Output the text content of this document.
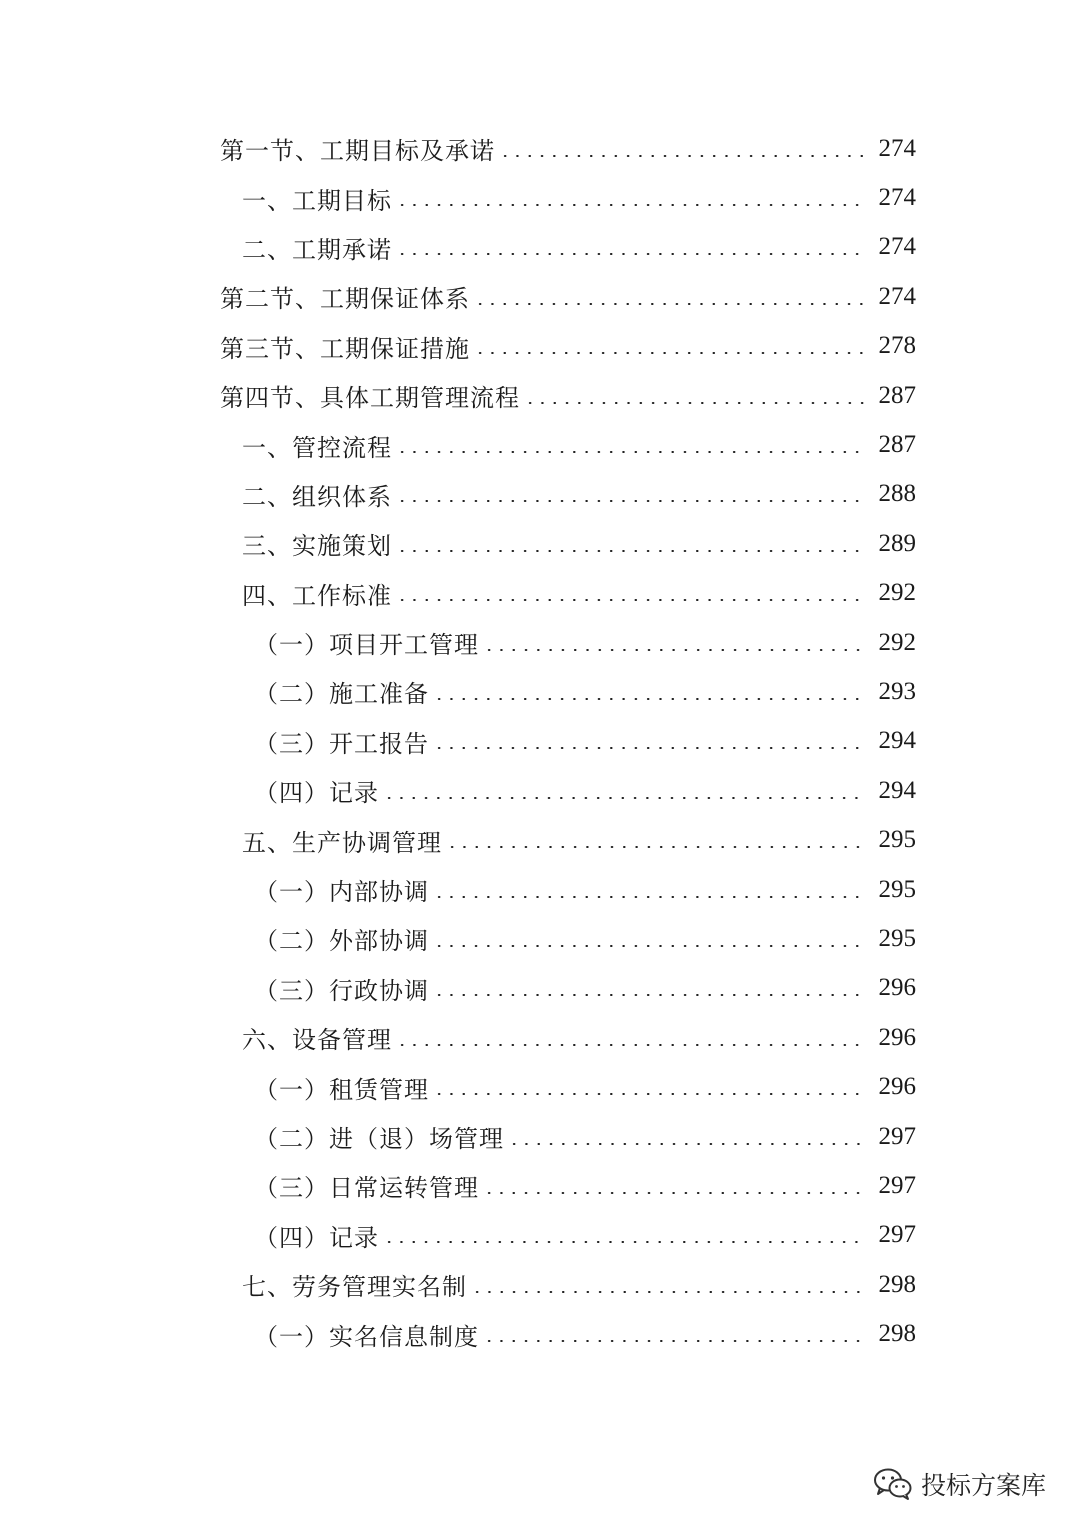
第一节、工期目标及承诺	274
一、工期目标	274
二、工期承诺	274
第二节、工期保证体系	274
第三节、工期保证措施	278
第四节、具体工期管理流程	287
一、管控流程	287
二、组织体系	288
三、实施策划	289
四、工作标准	292
（一）项目开工管理	292
（二）施工准备	293
（三）开工报告	294
（四）记录	294
五、生产协调管理	295
（一）内部协调	295
（二）外部协调	295
（三）行政协调	296
六、设备管理	296
（一）租赁管理	296
（二）进（退）场管理	297
（三）日常运转管理	297
（四）记录	297
七、劳务管理实名制	298
（一）实名信息制度	298
投标方案库
